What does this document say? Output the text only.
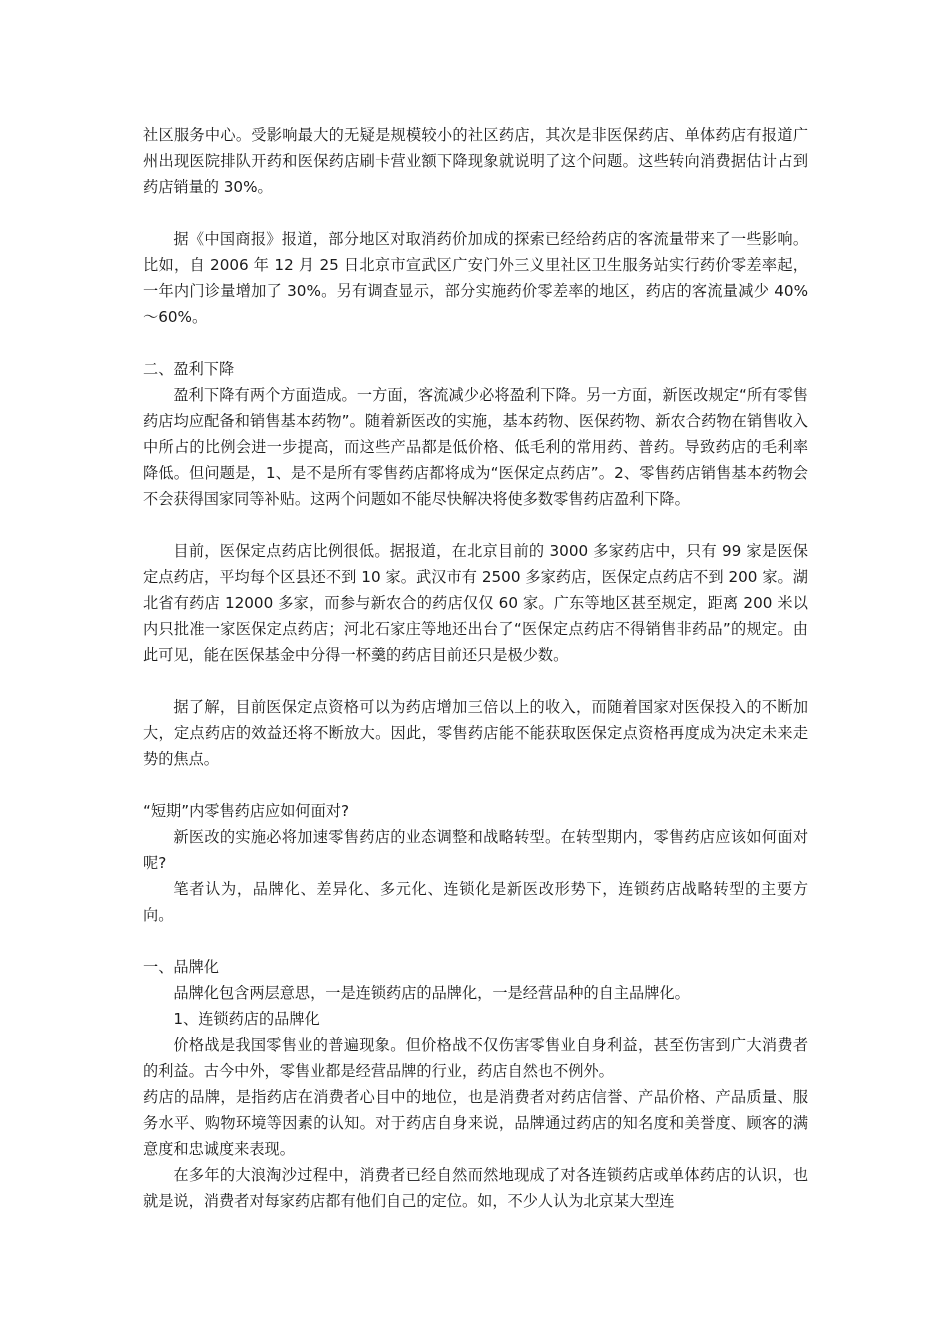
社区服务中心。受影响最大的无疑是规模较小的社区药店，其次是非医保药店、单体药店有报道广州出现医院排队开药和医保药店刷卡营业额下降现象就说明了这个问题。这些转向消费据估计占到药店销量的 30%。

据《中国商报》报道，部分地区对取消药价加成的探索已经给药店的客流量带来了一些影响。比如，自 2006 年 12 月 25 日北京市宣武区广安门外三义里社区卫生服务站实行药价零差率起，一年内门诊量增加了 30%。另有调查显示，部分实施药价零差率的地区，药店的客流量减少 40%～60%。

二、盈利下降

盈利下降有两个方面造成。一方面，客流减少必将盈利下降。另一方面，新医改规定“所有零售药店均应配备和销售基本药物”。随着新医改的实施，基本药物、医保药物、新农合药物在销售收入中所占的比例会进一步提高，而这些产品都是低价格、低毛利的常用药、普药。导致药店的毛利率降低。但问题是，1、是不是所有零售药店都将成为“医保定点药店”。2、零售药店销售基本药物会不会获得国家同等补贴。这两个问题如不能尽快解决将使多数零售药店盈利下降。

目前，医保定点药店比例很低。据报道，在北京目前的 3000 多家药店中，只有 99 家是医保定点药店，平均每个区县还不到 10 家。武汉市有 2500 多家药店，医保定点药店不到 200 家。湖北省有药店 12000 多家，而参与新农合的药店仅仅 60 家。广东等地区甚至规定，距离 200 米以内只批准一家医保定点药店；河北石家庄等地还出台了“医保定点药店不得销售非药品”的规定。由此可见，能在医保基金中分得一杯羹的药店目前还只是极少数。

据了解，目前医保定点资格可以为药店增加三倍以上的收入，而随着国家对医保投入的不断加大，定点药店的效益还将不断放大。因此，零售药店能不能获取医保定点资格再度成为决定未来走势的焦点。

“短期”内零售药店应如何面对?

新医改的实施必将加速零售药店的业态调整和战略转型。在转型期内，零售药店应该如何面对呢?

笔者认为，品牌化、差异化、多元化、连锁化是新医改形势下，连锁药店战略转型的主要方向。

一、品牌化

品牌化包含两层意思，一是连锁药店的品牌化，一是经营品种的自主品牌化。

1、连锁药店的品牌化

价格战是我国零售业的普遍现象。但价格战不仅伤害零售业自身利益，甚至伤害到广大消费者的利益。古今中外，零售业都是经营品牌的行业，药店自然也不例外。

药店的品牌，是指药店在消费者心目中的地位，也是消费者对药店信誉、产品价格、产品质量、服务水平、购物环境等因素的认知。对于药店自身来说，品牌通过药店的知名度和美誉度、顾客的满意度和忠诚度来表现。

在多年的大浪淘沙过程中，消费者已经自然而然地现成了对各连锁药店或单体药店的认识，也就是说，消费者对每家药店都有他们自己的定位。如，不少人认为北京某大型连
